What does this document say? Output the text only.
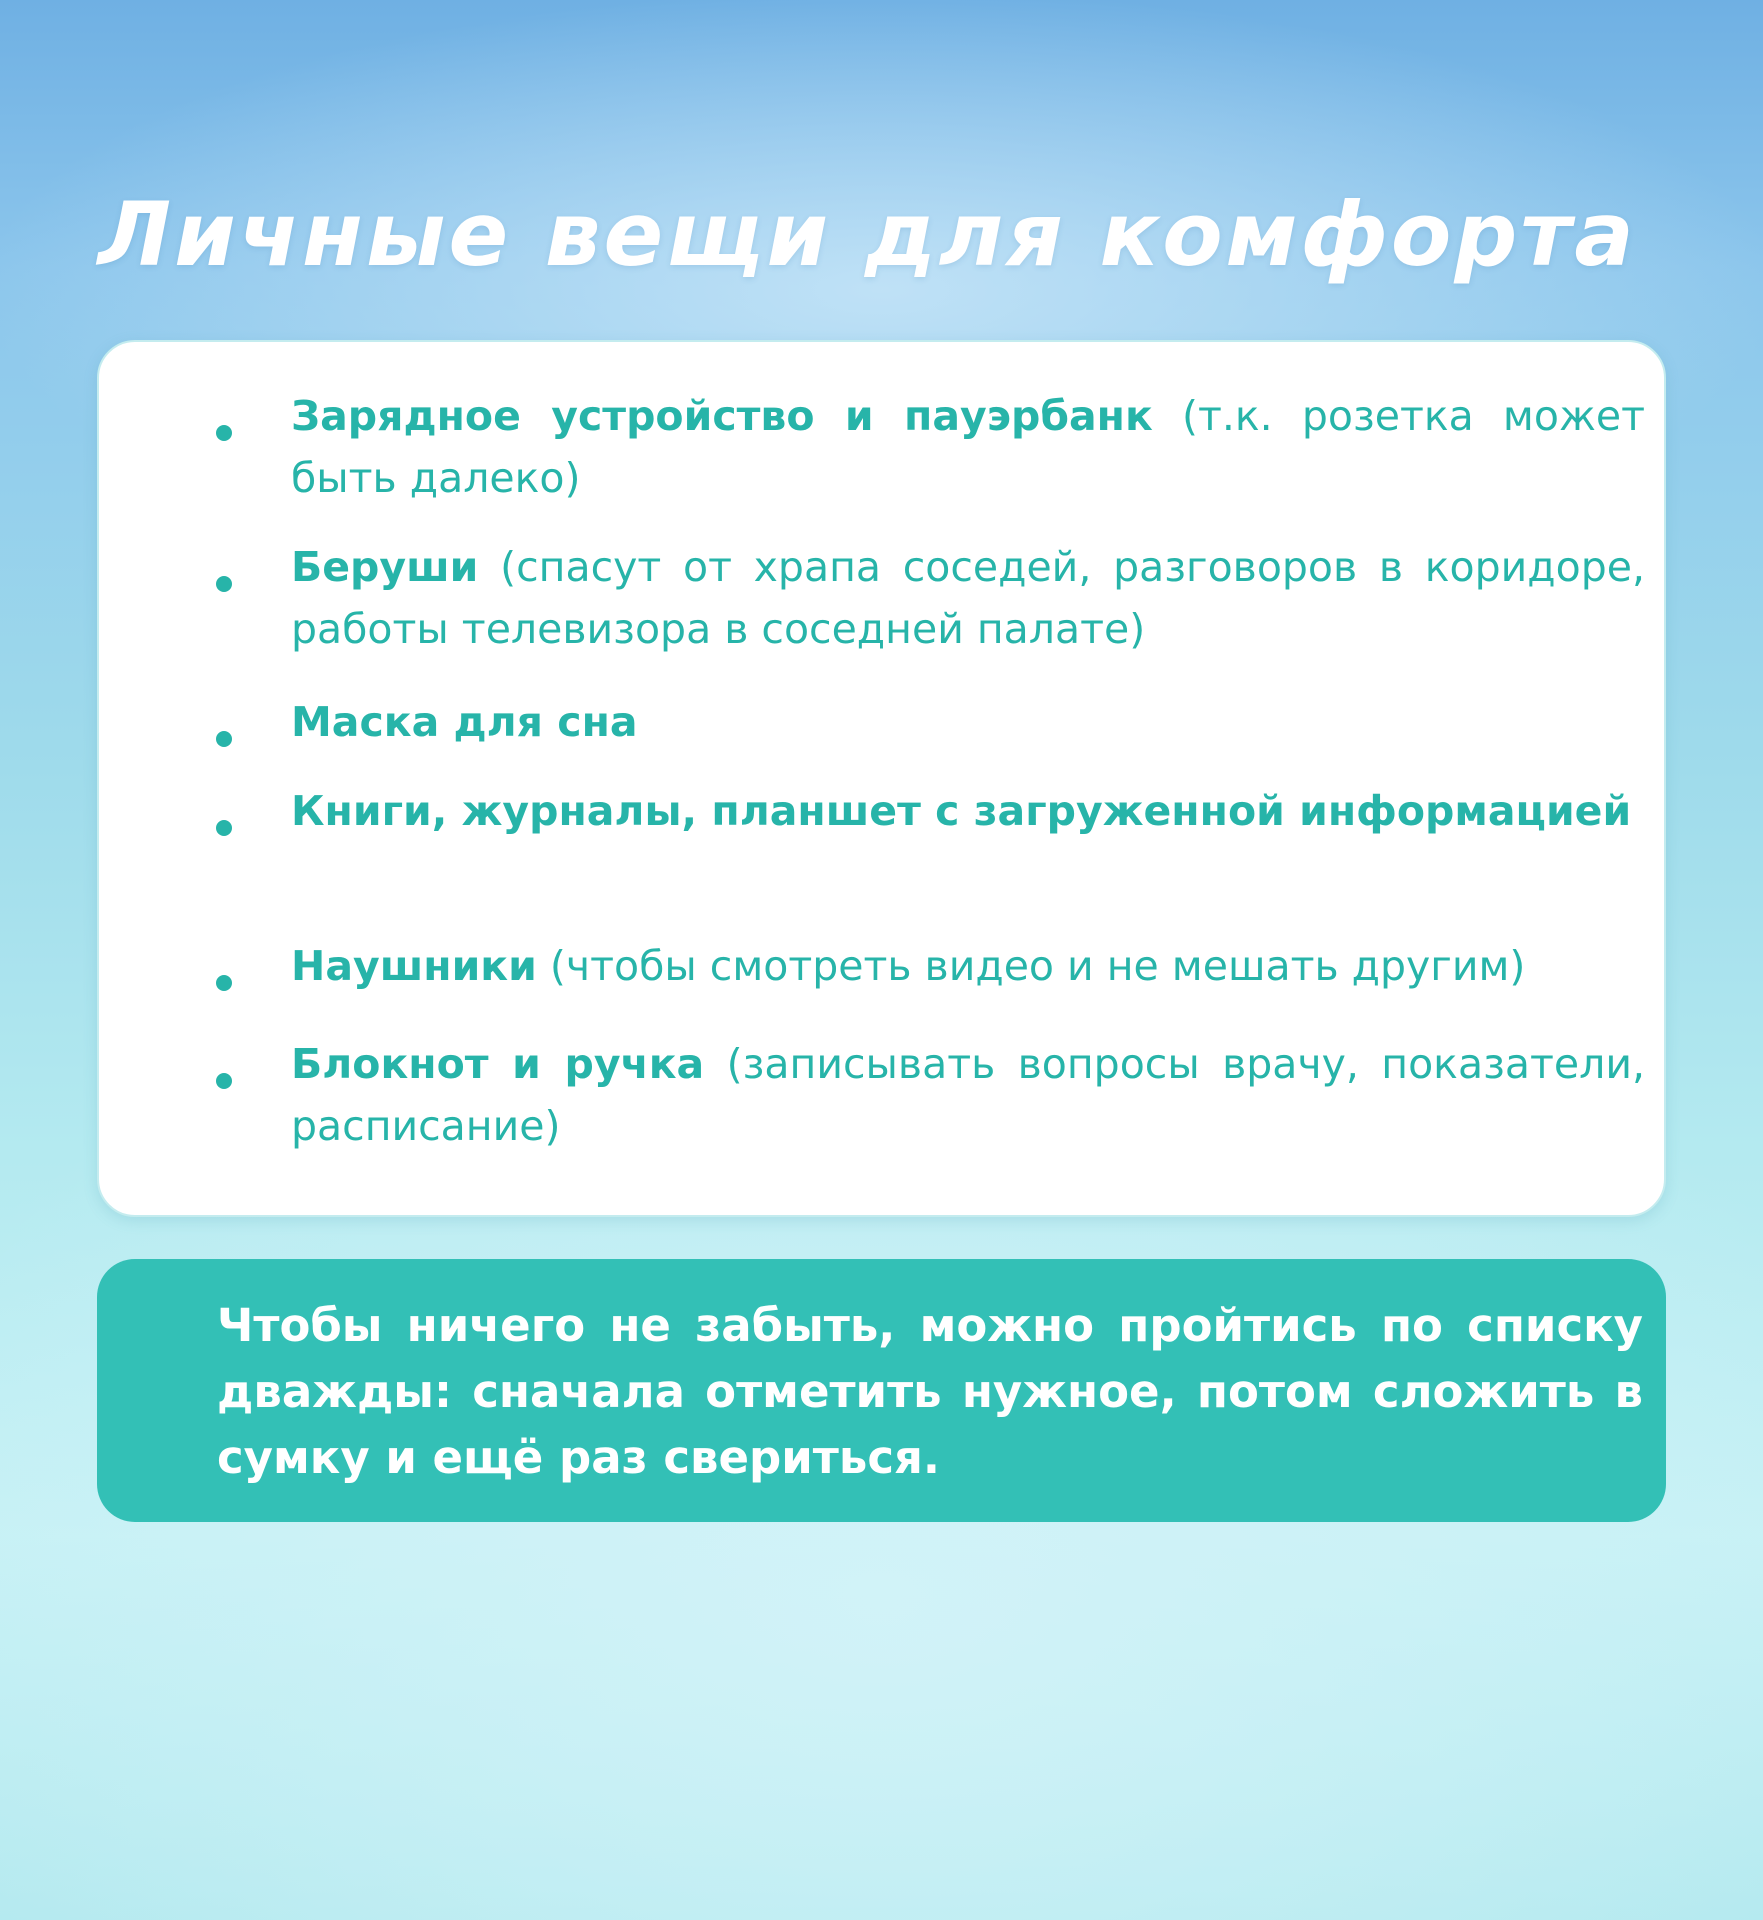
Личные вещи для комфорта

Зарядное устройство и пауэрбанк (т.к. розетка может быть далеко)

Беруши (спасут от храпа соседей, разговоров в коридоре, работы телевизора в соседней палате)

Маска для сна

Книги, журналы, планшет с загруженной информацией

Наушники (чтобы смотреть видео и не мешать другим)

Блокнот и ручка (записывать вопросы врачу, показатели, расписание)

Чтобы ничего не забыть, можно пройтись по списку дважды: сначала отметить нужное, потом сложить в сумку и ещё раз свериться.
